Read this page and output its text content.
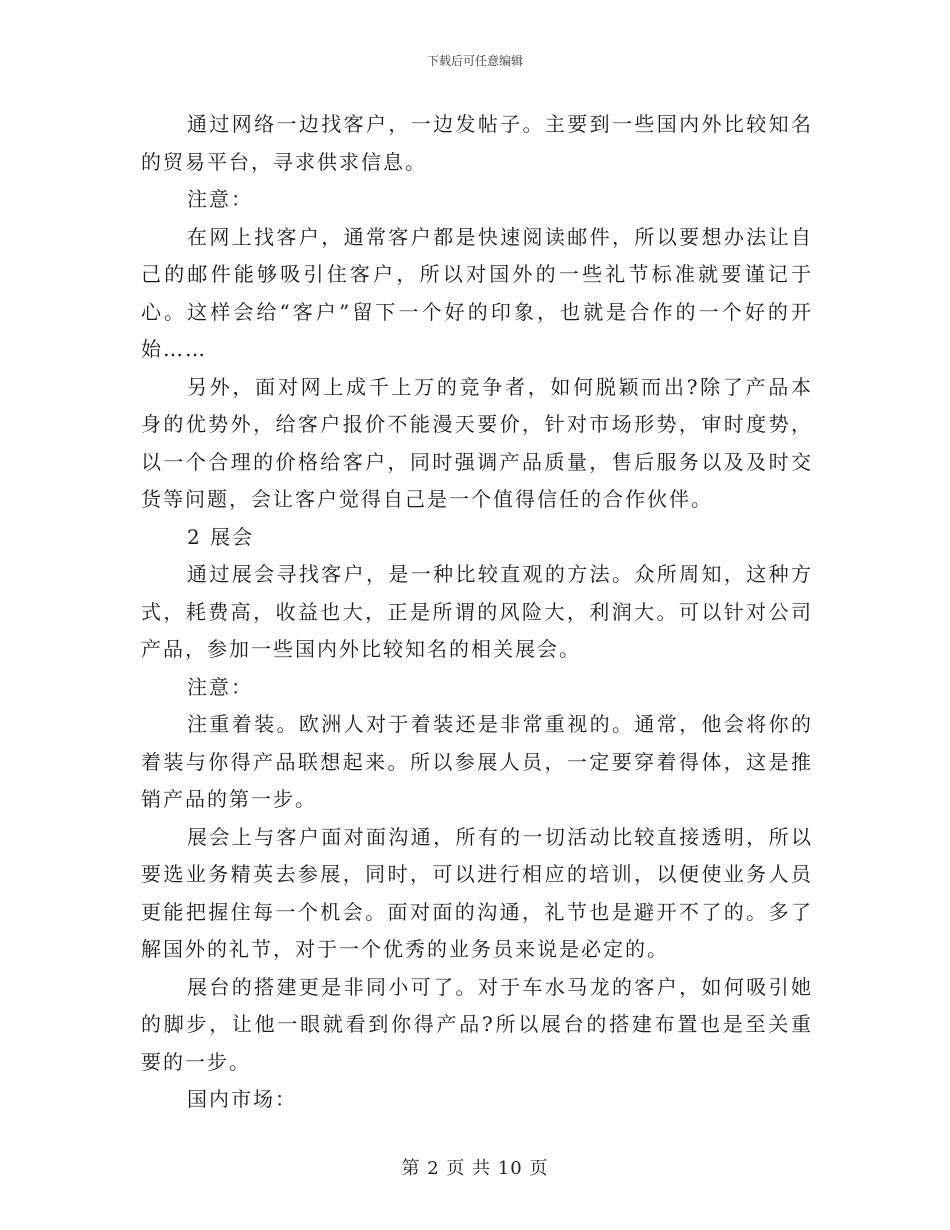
下载后可任意编辑

通过网络一边找客户，一边发帖子。主要到一些国内外比较知名的贸易平台，寻求供求信息。

注意：

在网上找客户，通常客户都是快速阅读邮件，所以要想办法让自己的邮件能够吸引住客户，所以对国外的一些礼节标准就要谨记于心。这样会给“客户”留下一个好的印象，也就是合作的一个好的开始……

另外，面对网上成千上万的竞争者，如何脱颖而出?除了产品本身的优势外，给客户报价不能漫天要价，针对市场形势，审时度势，以一个合理的价格给客户，同时强调产品质量，售后服务以及及时交货等问题，会让客户觉得自己是一个值得信任的合作伙伴。

2 展会

通过展会寻找客户，是一种比较直观的方法。众所周知，这种方式，耗费高，收益也大，正是所谓的风险大，利润大。可以针对公司产品，参加一些国内外比较知名的相关展会。

注意：

注重着装。欧洲人对于着装还是非常重视的。通常，他会将你的着装与你得产品联想起来。所以参展人员，一定要穿着得体，这是推销产品的第一步。

展会上与客户面对面沟通，所有的一切活动比较直接透明，所以要选业务精英去参展，同时，可以进行相应的培训，以便使业务人员更能把握住每一个机会。面对面的沟通，礼节也是避开不了的。多了解国外的礼节，对于一个优秀的业务员来说是必定的。

展台的搭建更是非同小可了。对于车水马龙的客户，如何吸引她的脚步，让他一眼就看到你得产品?所以展台的搭建布置也是至关重要的一步。

国内市场：

第 2 页 共 10 页
